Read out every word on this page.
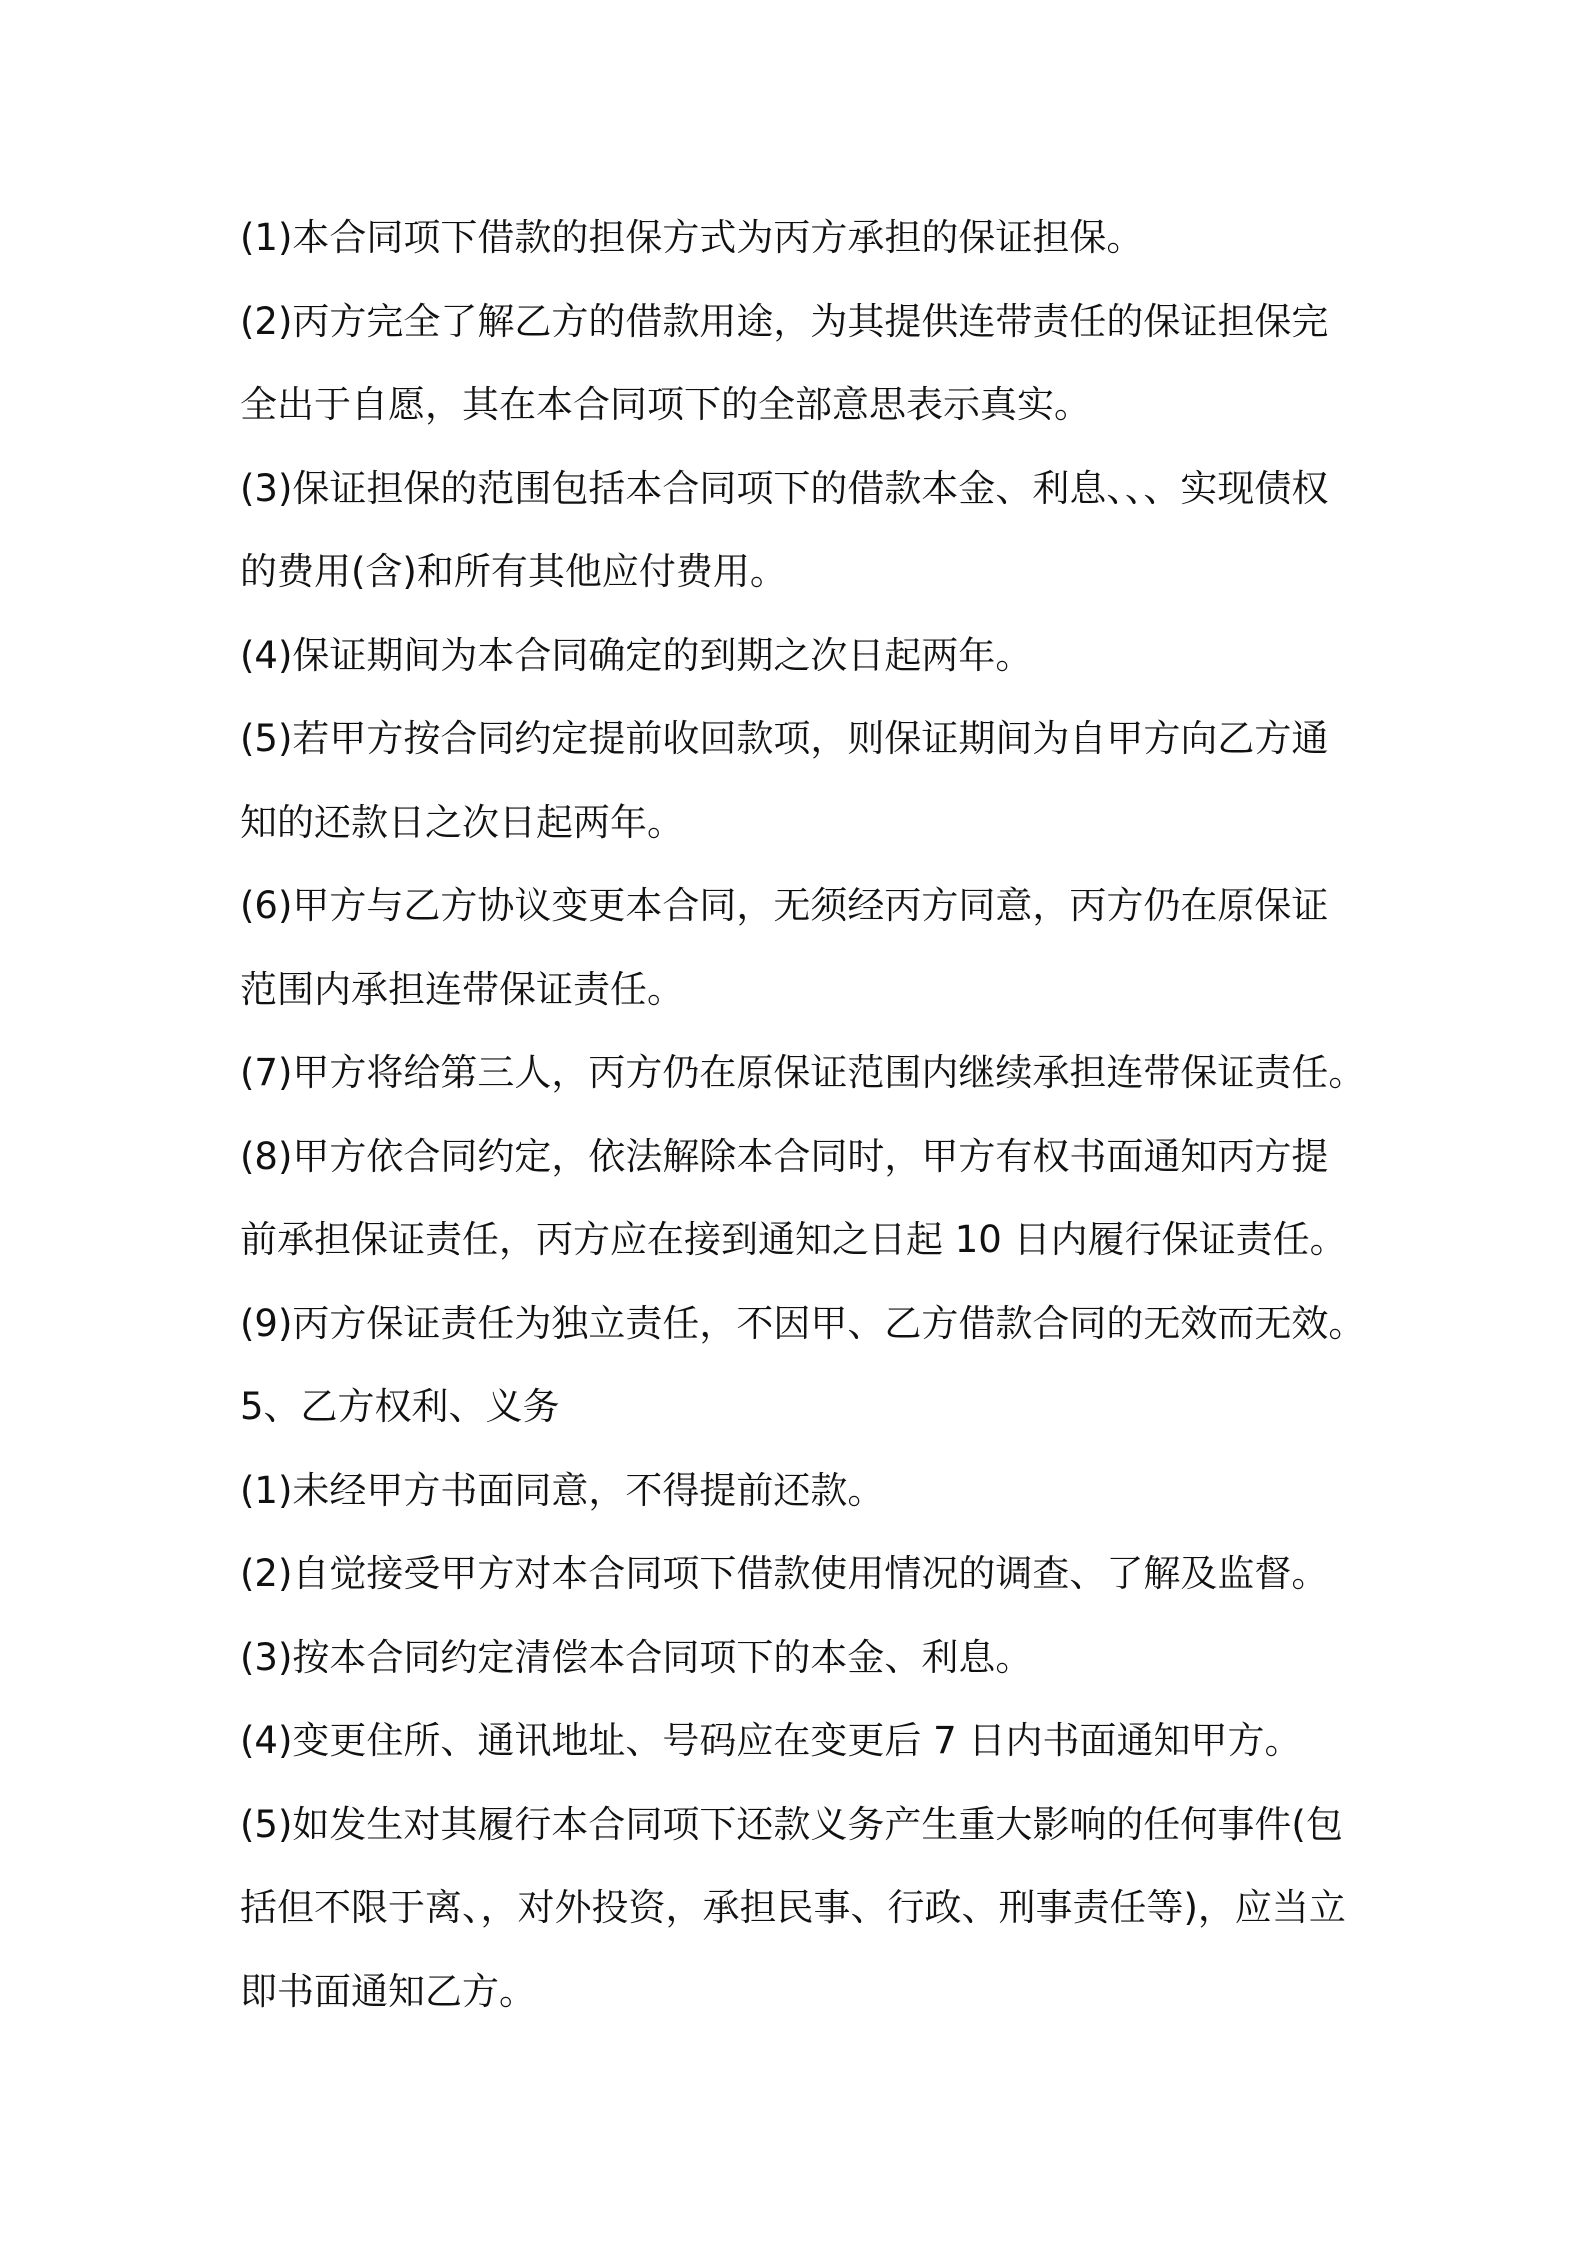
(1)本合同项下借款的担保方式为丙方承担的保证担保。
(2)丙方完全了解乙方的借款用途，为其提供连带责任的保证担保完
全出于自愿，其在本合同项下的全部意思表示真实。
(3)保证担保的范围包括本合同项下的借款本金、利息、、、实现债权
的费用(含)和所有其他应付费用。
(4)保证期间为本合同确定的到期之次日起两年。
(5)若甲方按合同约定提前收回款项，则保证期间为自甲方向乙方通
知的还款日之次日起两年。
(6)甲方与乙方协议变更本合同，无须经丙方同意，丙方仍在原保证
范围内承担连带保证责任。
(7)甲方将给第三人，丙方仍在原保证范围内继续承担连带保证责任。
(8)甲方依合同约定，依法解除本合同时，甲方有权书面通知丙方提
前承担保证责任，丙方应在接到通知之日起 10 日内履行保证责任。
(9)丙方保证责任为独立责任，不因甲、乙方借款合同的无效而无效。
5、乙方权利、义务
(1)未经甲方书面同意，不得提前还款。
(2)自觉接受甲方对本合同项下借款使用情况的调查、了解及监督。
(3)按本合同约定清偿本合同项下的本金、利息。
(4)变更住所、通讯地址、号码应在变更后 7 日内书面通知甲方。
(5)如发生对其履行本合同项下还款义务产生重大影响的任何事件(包
括但不限于离、，对外投资，承担民事、行政、刑事责任等)，应当立
即书面通知乙方。
